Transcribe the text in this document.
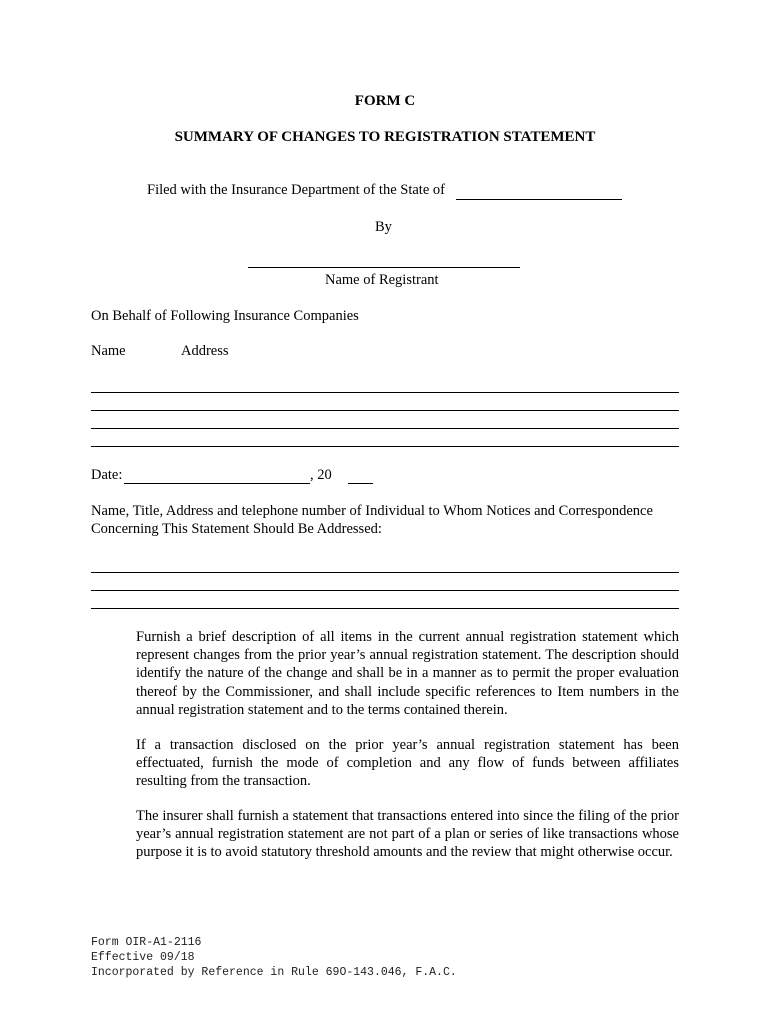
FORM C
SUMMARY OF CHANGES TO REGISTRATION STATEMENT
Filed with the Insurance Department of the State of
By
Name of Registrant
On Behalf of Following Insurance Companies
Name	Address
Date:	, 20
Name, Title, Address and telephone number of Individual to Whom Notices and Correspondence
Concerning This Statement Should Be Addressed:
Furnish a brief description of all items in the current annual registration statement which represent changes from the prior year’s annual registration statement. The description should identify the nature of the change and shall be in a manner as to permit the proper evaluation thereof by the Commissioner, and shall include specific references to Item numbers in the annual registration statement and to the terms contained therein.
If a transaction disclosed on the prior year’s annual registration statement has been effectuated, furnish the mode of completion and any flow of funds between affiliates resulting from the transaction.
The insurer shall furnish a statement that transactions entered into since the filing of the prior year’s annual registration statement are not part of a plan or series of like transactions whose purpose it is to avoid statutory threshold amounts and the review that might otherwise occur.
Form OIR-A1-2116
Effective 09/18
Incorporated by Reference in Rule 69O-143.046, F.A.C.
